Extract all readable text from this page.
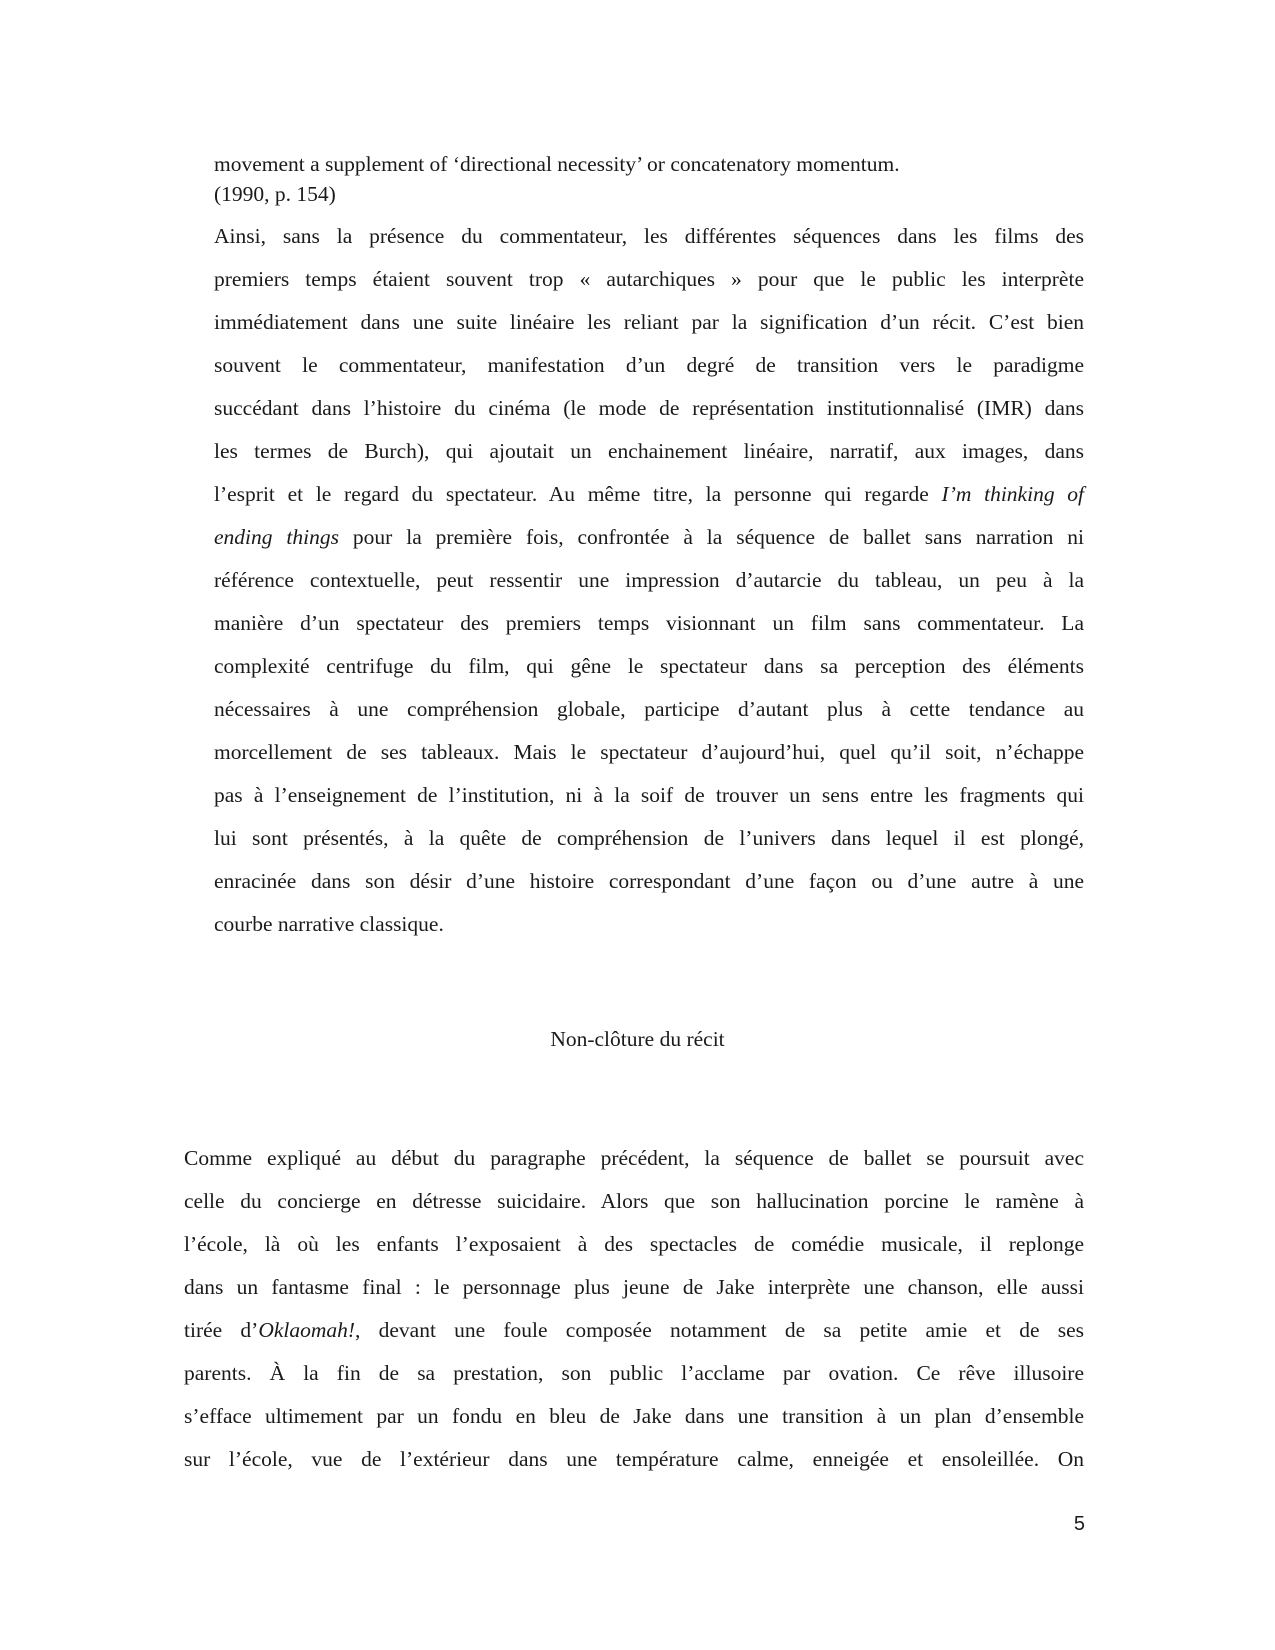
movement a supplement of ‘directional necessity’ or concatenatory momentum.
(1990, p. 154)
Ainsi, sans la présence du commentateur, les différentes séquences dans les films des
premiers temps étaient souvent trop « autarchiques » pour que le public les interprète
immédiatement dans une suite linéaire les reliant par la signification d’un récit. C’est bien
souvent le commentateur, manifestation d’un degré de transition vers le paradigme
succédant dans l’histoire du cinéma (le mode de représentation institutionnalisé (IMR) dans
les termes de Burch), qui ajoutait un enchainement linéaire, narratif, aux images, dans
l’esprit et le regard du spectateur. Au même titre, la personne qui regarde I’m thinking of
ending things pour la première fois, confrontée à la séquence de ballet sans narration ni
référence contextuelle, peut ressentir une impression d’autarcie du tableau, un peu à la
manière d’un spectateur des premiers temps visionnant un film sans commentateur. La
complexité centrifuge du film, qui gêne le spectateur dans sa perception des éléments
nécessaires à une compréhension globale, participe d’autant plus à cette tendance au
morcellement de ses tableaux. Mais le spectateur d’aujourd’hui, quel qu’il soit, n’échappe
pas à l’enseignement de l’institution, ni à la soif de trouver un sens entre les fragments qui
lui sont présentés, à la quête de compréhension de l’univers dans lequel il est plongé,
enracinée dans son désir d’une histoire correspondant d’une façon ou d’une autre à une
courbe narrative classique.
Non-clôture du récit
Comme expliqué au début du paragraphe précédent, la séquence de ballet se poursuit avec
celle du concierge en détresse suicidaire. Alors que son hallucination porcine le ramène à
l’école, là où les enfants l’exposaient à des spectacles de comédie musicale, il replonge
dans un fantasme final : le personnage plus jeune de Jake interprète une chanson, elle aussi
tirée d’Oklaomah!, devant une foule composée notamment de sa petite amie et de ses
parents. À la fin de sa prestation, son public l’acclame par ovation. Ce rêve illusoire
s’efface ultimement par un fondu en bleu de Jake dans une transition à un plan d’ensemble
sur l’école, vue de l’extérieur dans une température calme, enneigée et ensoleillée. On
5
